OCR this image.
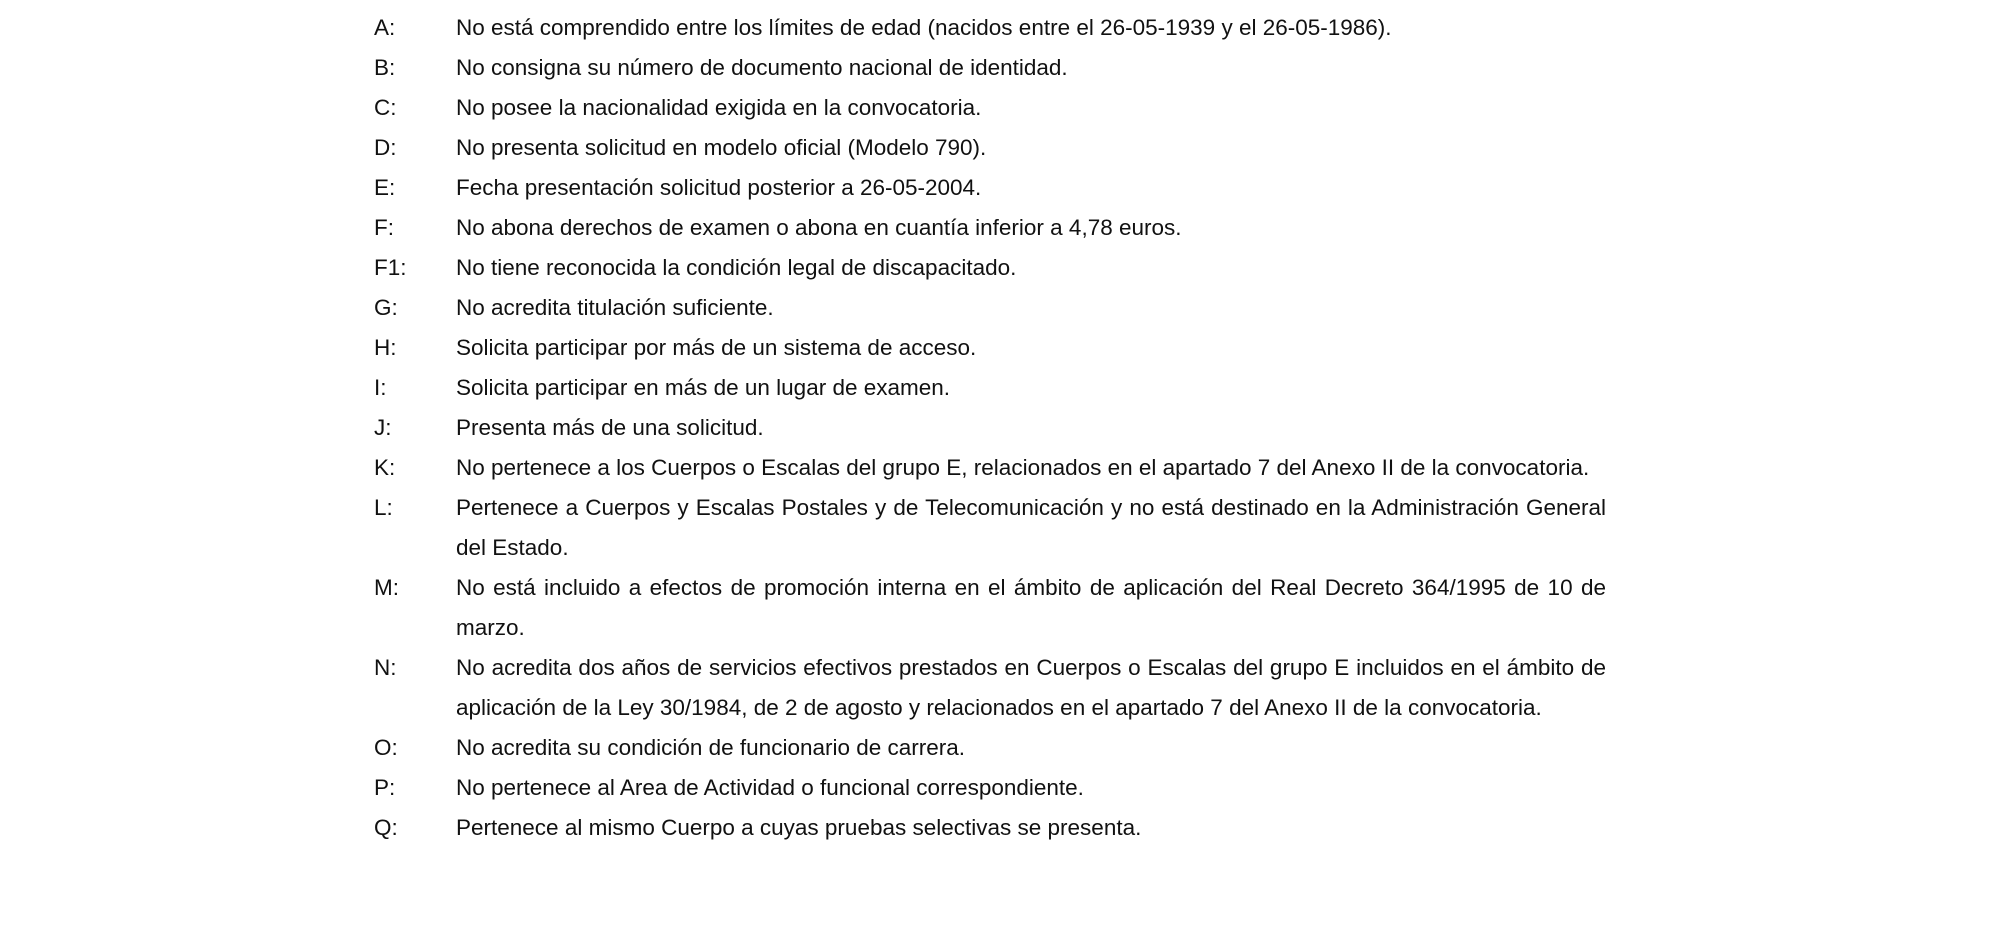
A:	No está comprendido entre los límites de edad (nacidos entre el 26-05-1939 y el 26-05-1986).
B:	No consigna su número de documento nacional de identidad.
C:	No posee la nacionalidad exigida en la convocatoria.
D:	No presenta solicitud en modelo oficial (Modelo 790).
E:	Fecha presentación solicitud posterior a 26-05-2004.
F:	No abona derechos de examen o abona en cuantía inferior a 4,78 euros.
F1:	No tiene reconocida la condición legal de discapacitado.
G:	No acredita titulación suficiente.
H:	Solicita participar por más de un sistema de acceso.
I:	Solicita participar en más de un lugar de examen.
J:	Presenta más de una solicitud.
K:	No pertenece a los Cuerpos o Escalas del grupo E, relacionados en el apartado 7 del Anexo II de la convocatoria.
L:	Pertenece a Cuerpos y Escalas Postales y de Telecomunicación y no está destinado en la Administración General del Estado.
M:	No está incluido a efectos de promoción interna en el ámbito de aplicación del Real Decreto 364/1995 de 10 de marzo.
N:	No acredita dos años de servicios efectivos prestados en Cuerpos o Escalas del grupo E incluidos en el ámbito de aplicación de la Ley 30/1984, de 2 de agosto y relacionados en el apartado 7 del Anexo II de la convocatoria.
O:	No acredita su condición de funcionario de carrera.
P:	No pertenece al Area de Actividad o funcional correspondiente.
Q:	Pertenece al mismo Cuerpo a cuyas pruebas selectivas se presenta.
